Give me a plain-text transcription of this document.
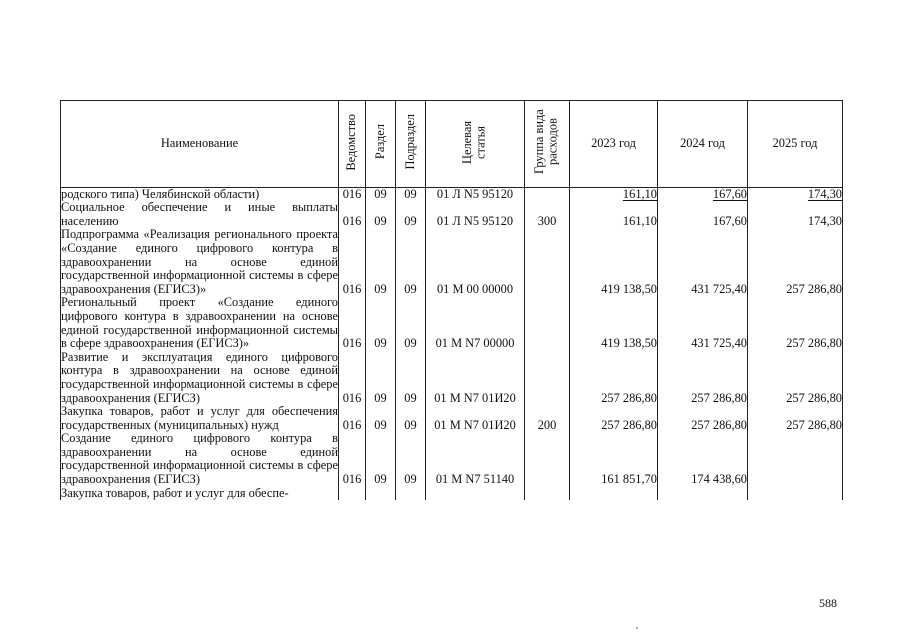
Наименование	Ведомство	Раздел	Подраздел	Целевая статья	Группа вида расходов	2023 год	2024 год	2025 год
родского типа) Челябинской области)	016	09	09	01 Л N5 95120		161,10	167,60	174,30
Социальное обеспечение и иные выплаты населению	016	09	09	01 Л N5 95120	300	161,10	167,60	174,30
Подпрограмма «Реализация регионального проекта «Создание единого цифрового контура в здравоохранении на основе единой государственной информационной системы в сфере здравоохранения (ЕГИСЗ)»	016	09	09	01 М 00 00000		419 138,50	431 725,40	257 286,80
Региональный проект «Создание единого цифрового контура в здравоохранении на основе единой государственной информационной системы в сфере здравоохранения (ЕГИСЗ)»	016	09	09	01 М N7 00000		419 138,50	431 725,40	257 286,80
Развитие и эксплуатация единого цифрового контура в здравоохранении на основе единой государственной информационной системы в сфере здравоохранения (ЕГИСЗ)	016	09	09	01 М N7 01И20		257 286,80	257 286,80	257 286,80
Закупка товаров, работ и услуг для обеспечения государственных (муниципальных) нужд	016	09	09	01 М N7 01И20	200	257 286,80	257 286,80	257 286,80
Создание единого цифрового контура в здравоохранении на основе единой государственной информационной системы в сфере здравоохранения (ЕГИСЗ)	016	09	09	01 М N7 51140		161 851,70	174 438,60	
Закупка товаров, работ и услуг для обеспе-								
588
